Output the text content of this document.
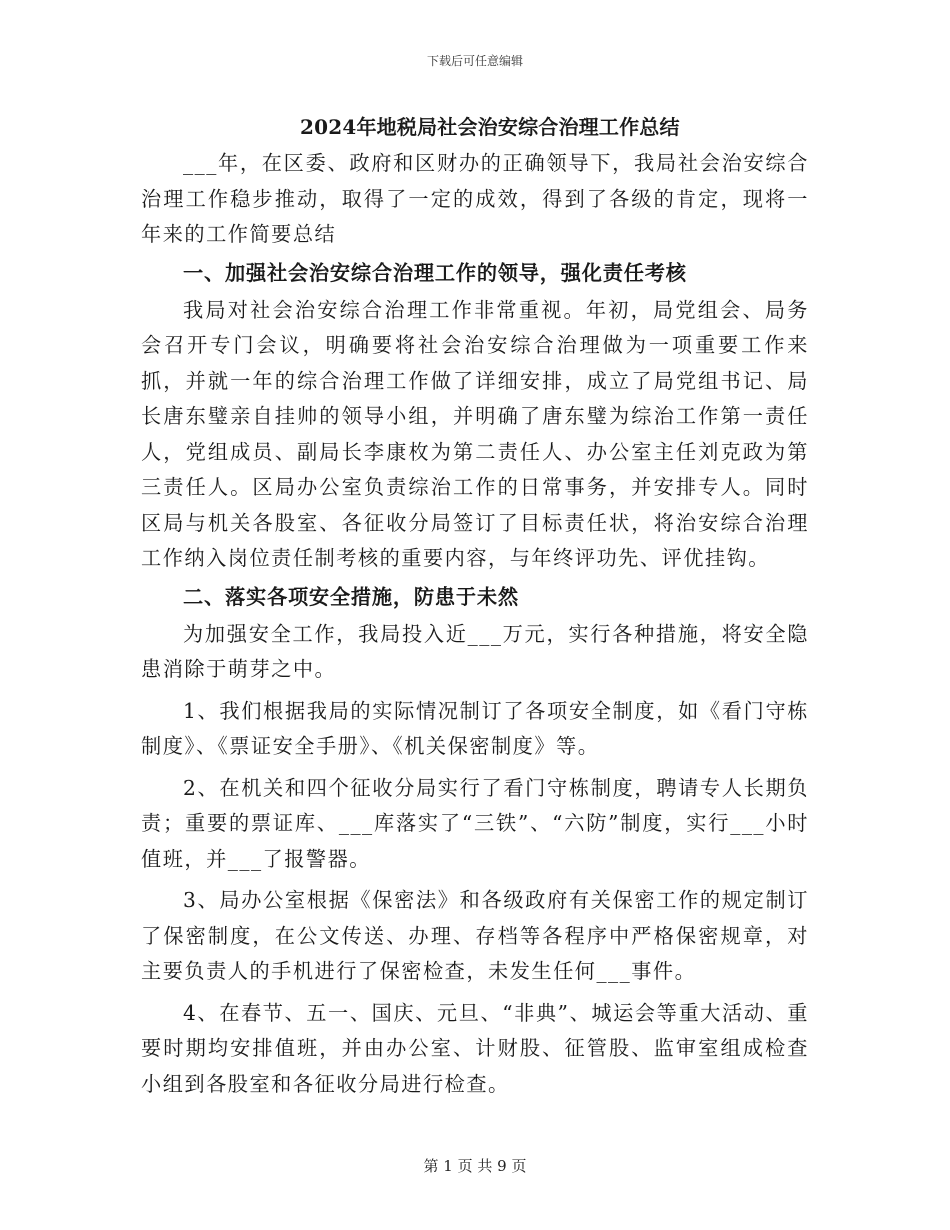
下载后可任意编辑
2024年地税局社会治安综合治理工作总结

___年，在区委、政府和区财办的正确领导下，我局社会治安综合治理工作稳步推动，取得了一定的成效，得到了各级的肯定，现将一年来的工作简要总结

一、加强社会治安综合治理工作的领导，强化责任考核

我局对社会治安综合治理工作非常重视。年初，局党组会、局务会召开专门会议，明确要将社会治安综合治理做为一项重要工作来抓，并就一年的综合治理工作做了详细安排，成立了局党组书记、局长唐东璧亲自挂帅的领导小组，并明确了唐东璧为综治工作第一责任人，党组成员、副局长李康枚为第二责任人、办公室主任刘克政为第三责任人。区局办公室负责综治工作的日常事务，并安排专人。同时区局与机关各股室、各征收分局签订了目标责任状，将治安综合治理工作纳入岗位责任制考核的重要内容，与年终评功先、评优挂钩。

二、落实各项安全措施，防患于未然

为加强安全工作，我局投入近___万元，实行各种措施，将安全隐患消除于萌芽之中。

1、我们根据我局的实际情况制订了各项安全制度，如《看门守栋制度》、《票证安全手册》、《机关保密制度》等。

2、在机关和四个征收分局实行了看门守栋制度，聘请专人长期负责；重要的票证库、___库落实了“三铁”、“六防”制度，实行___小时值班，并___了报警器。

3、局办公室根据《保密法》和各级政府有关保密工作的规定制订了保密制度，在公文传送、办理、存档等各程序中严格保密规章，对主要负责人的手机进行了保密检查，未发生任何___事件。

4、在春节、五一、国庆、元旦、“非典”、城运会等重大活动、重要时期均安排值班，并由办公室、计财股、征管股、监审室组成检查小组到各股室和各征收分局进行检查。

第 1 页 共 9 页
